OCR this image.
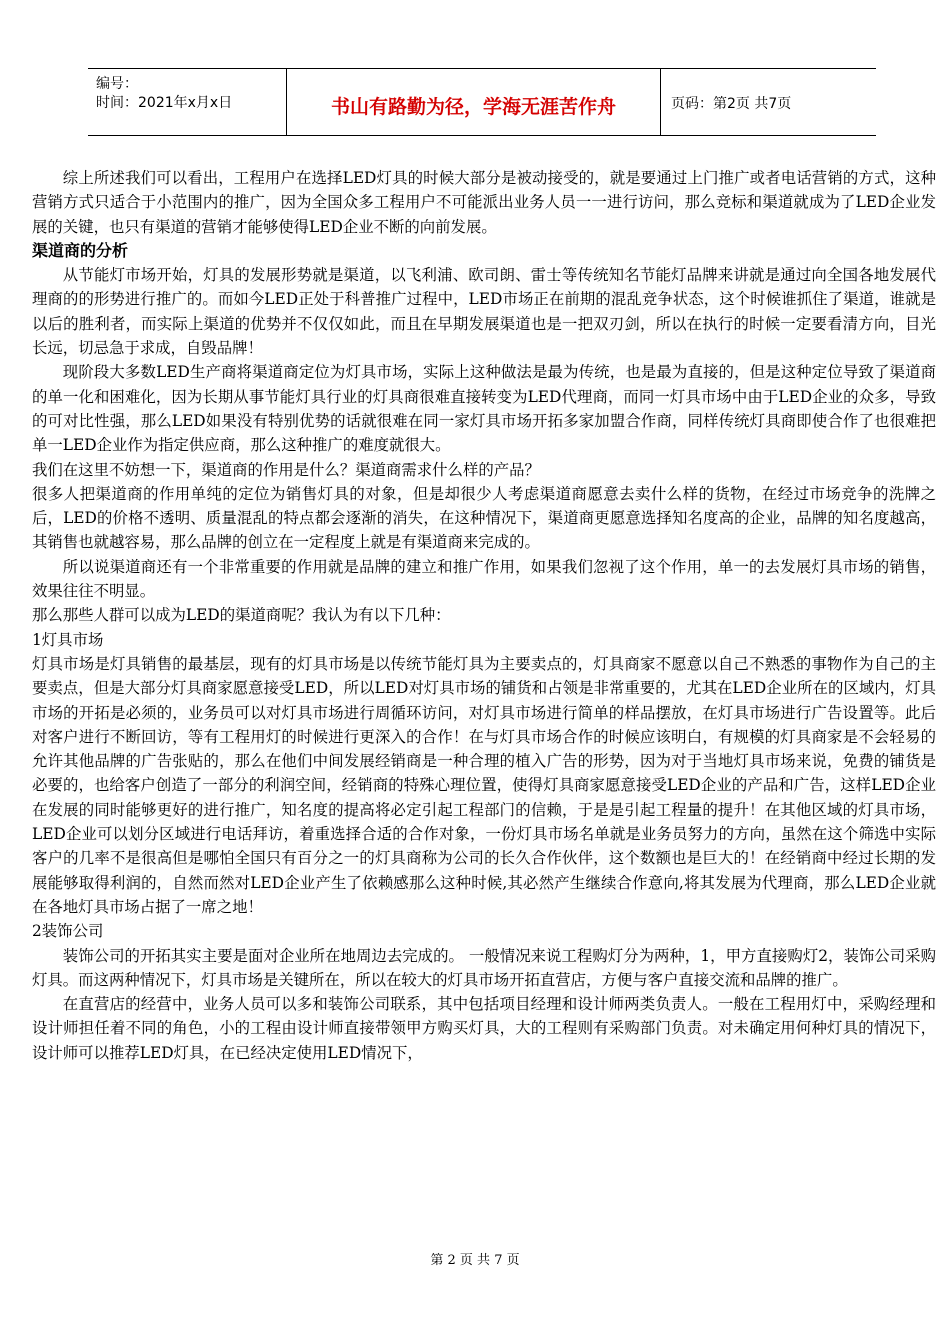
编号：
时间：2021年x月x日	书山有路勤为径，学海无涯苦作舟	页码：第2页 共7页

综上所述我们可以看出，工程用户在选择LED灯具的时候大部分是被动接受的，就是要通过上门推广或者电话营销的方式，这种营销方式只适合于小范围内的推广，因为全国众多工程用户不可能派出业务人员一一进行访问，那么竞标和渠道就成为了LED企业发展的关键，也只有渠道的营销才能够使得LED企业不断的向前发展。

渠道商的分析

从节能灯市场开始，灯具的发展形势就是渠道，以飞利浦、欧司朗、雷士等传统知名节能灯品牌来讲就是通过向全国各地发展代理商的的形势进行推广的。而如今LED正处于科普推广过程中，LED市场正在前期的混乱竞争状态，这个时候谁抓住了渠道，谁就是以后的胜利者，而实际上渠道的优势并不仅仅如此，而且在早期发展渠道也是一把双刃剑，所以在执行的时候一定要看清方向，目光长远，切忌急于求成，自毁品牌！

现阶段大多数LED生产商将渠道商定位为灯具市场，实际上这种做法是最为传统，也是最为直接的，但是这种定位导致了渠道商的单一化和困难化，因为长期从事节能灯具行业的灯具商很难直接转变为LED代理商，而同一灯具市场中由于LED企业的众多，导致的可对比性强，那么LED如果没有特别优势的话就很难在同一家灯具市场开拓多家加盟合作商，同样传统灯具商即使合作了也很难把单一LED企业作为指定供应商，那么这种推广的难度就很大。

我们在这里不妨想一下，渠道商的作用是什么？渠道商需求什么样的产品？

很多人把渠道商的作用单纯的定位为销售灯具的对象，但是却很少人考虑渠道商愿意去卖什么样的货物，在经过市场竞争的洗牌之后，LED的价格不透明、质量混乱的特点都会逐渐的消失，在这种情况下，渠道商更愿意选择知名度高的企业，品牌的知名度越高，其销售也就越容易，那么品牌的创立在一定程度上就是有渠道商来完成的。

所以说渠道商还有一个非常重要的作用就是品牌的建立和推广作用，如果我们忽视了这个作用，单一的去发展灯具市场的销售，效果往往不明显。

那么那些人群可以成为LED的渠道商呢？我认为有以下几种：

1灯具市场

灯具市场是灯具销售的最基层，现有的灯具市场是以传统节能灯具为主要卖点的，灯具商家不愿意以自己不熟悉的事物作为自己的主要卖点，但是大部分灯具商家愿意接受LED，所以LED对灯具市场的铺货和占领是非常重要的，尤其在LED企业所在的区域内，灯具市场的开拓是必须的，业务员可以对灯具市场进行周循环访问，对灯具市场进行简单的样品摆放，在灯具市场进行广告设置等。此后对客户进行不断回访，等有工程用灯的时候进行更深入的合作！在与灯具市场合作的时候应该明白，有规模的灯具商家是不会轻易的允许其他品牌的广告张贴的，那么在他们中间发展经销商是一种合理的植入广告的形势，因为对于当地灯具市场来说，免费的铺货是必要的，也给客户创造了一部分的利润空间，经销商的特殊心理位置，使得灯具商家愿意接受LED企业的产品和广告，这样LED企业在发展的同时能够更好的进行推广，知名度的提高将必定引起工程部门的信赖，于是是引起工程量的提升！在其他区域的灯具市场，LED企业可以划分区域进行电话拜访，着重选择合适的合作对象，一份灯具市场名单就是业务员努力的方向，虽然在这个筛选中实际客户的几率不是很高但是哪怕全国只有百分之一的灯具商称为公司的长久合作伙伴，这个数额也是巨大的！在经销商中经过长期的发展能够取得利润的，自然而然对LED企业产生了依赖感那么这种时候,其必然产生继续合作意向,将其发展为代理商，那么LED企业就在各地灯具市场占据了一席之地！

2装饰公司

装饰公司的开拓其实主要是面对企业所在地周边去完成的。 一般情况来说工程购灯分为两种，1，甲方直接购灯2，装饰公司采购灯具。而这两种情况下，灯具市场是关键所在，所以在较大的灯具市场开拓直营店，方便与客户直接交流和品牌的推广。

在直营店的经营中，业务人员可以多和装饰公司联系，其中包括项目经理和设计师两类负责人。一般在工程用灯中，采购经理和设计师担任着不同的角色，小的工程由设计师直接带领甲方购买灯具，大的工程则有采购部门负责。对未确定用何种灯具的情况下，设计师可以推荐LED灯具，在已经决定使用LED情况下，

第 2 页 共 7 页
